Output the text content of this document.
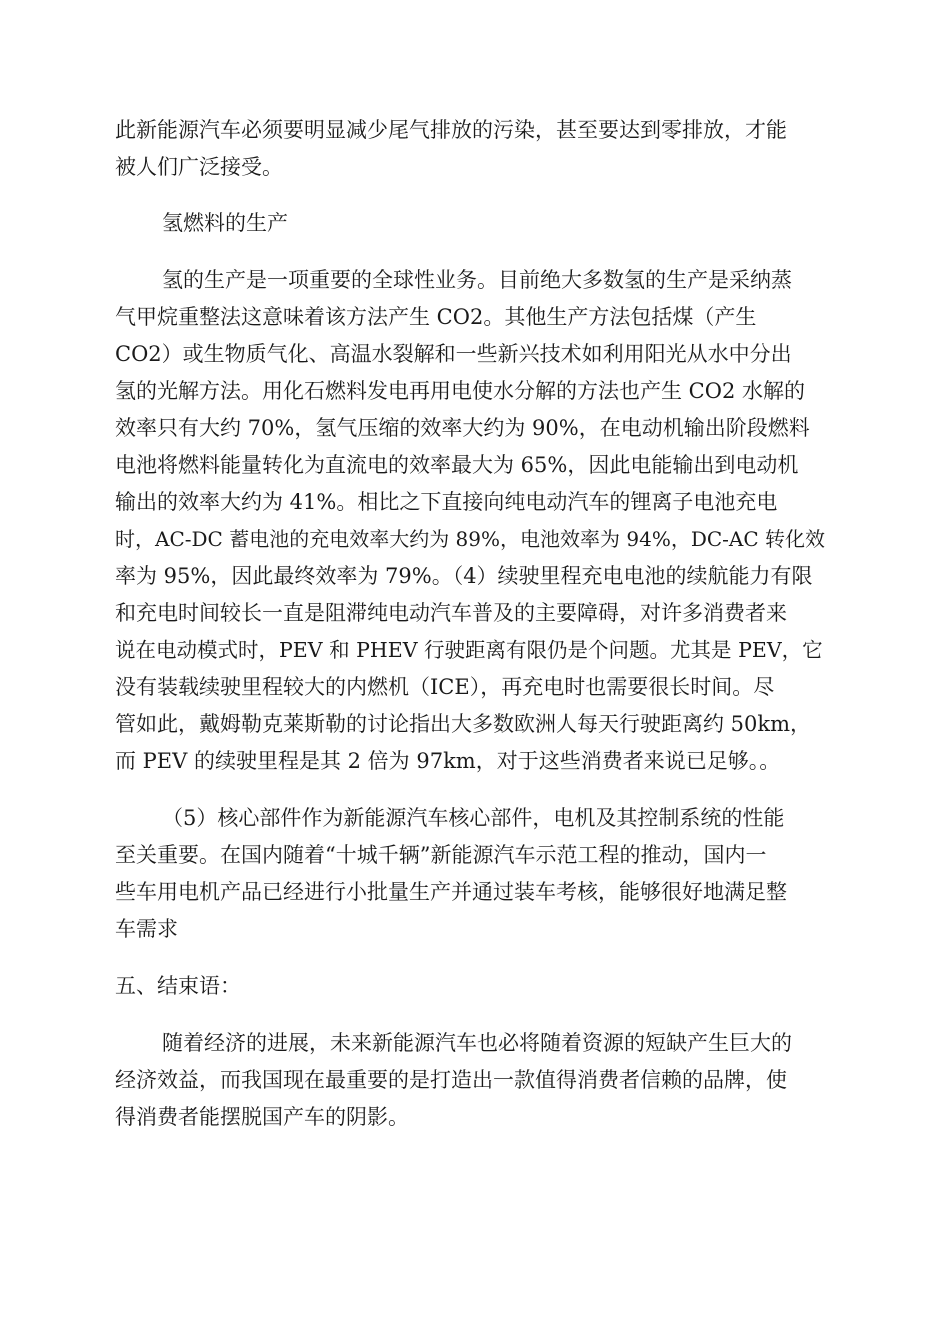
此新能源汽车必须要明显减少尾气排放的污染，甚至要达到零排放，才能
被人们广泛接受。
氢燃料的生产
氢的生产是一项重要的全球性业务。目前绝大多数氢的生产是采纳蒸
气甲烷重整法这意味着该方法产生 CO2。其他生产方法包括煤（产生
CO2）或生物质气化、高温水裂解和一些新兴技术如利用阳光从水中分出
氢的光解方法。用化石燃料发电再用电使水分解的方法也产生 CO2 水解的
效率只有大约 70%，氢气压缩的效率大约为 90%，在电动机输出阶段燃料
电池将燃料能量转化为直流电的效率最大为 65%，因此电能输出到电动机
输出的效率大约为 41%。相比之下直接向纯电动汽车的锂离子电池充电
时，AC-DC 蓄电池的充电效率大约为 89%，电池效率为 94%，DC-AC 转化效
率为 95%，因此最终效率为 79%。（4）续驶里程充电电池的续航能力有限
和充电时间较长一直是阻滞纯电动汽车普及的主要障碍，对许多消费者来
说在电动模式时，PEV 和 PHEV 行驶距离有限仍是个问题。尤其是 PEV，它
没有装载续驶里程较大的内燃机（ICE），再充电时也需要很长时间。尽
管如此，戴姆勒克莱斯勒的讨论指出大多数欧洲人每天行驶距离约 50km，
而 PEV 的续驶里程是其 2 倍为 97km，对于这些消费者来说已足够。。
（5）核心部件作为新能源汽车核心部件，电机及其控制系统的性能
至关重要。在国内随着“十城千辆”新能源汽车示范工程的推动，国内一
些车用电机产品已经进行小批量生产并通过装车考核，能够很好地满足整
车需求
五、结束语：
随着经济的进展，未来新能源汽车也必将随着资源的短缺产生巨大的
经济效益，而我国现在最重要的是打造出一款值得消费者信赖的品牌，使
得消费者能摆脱国产车的阴影。
